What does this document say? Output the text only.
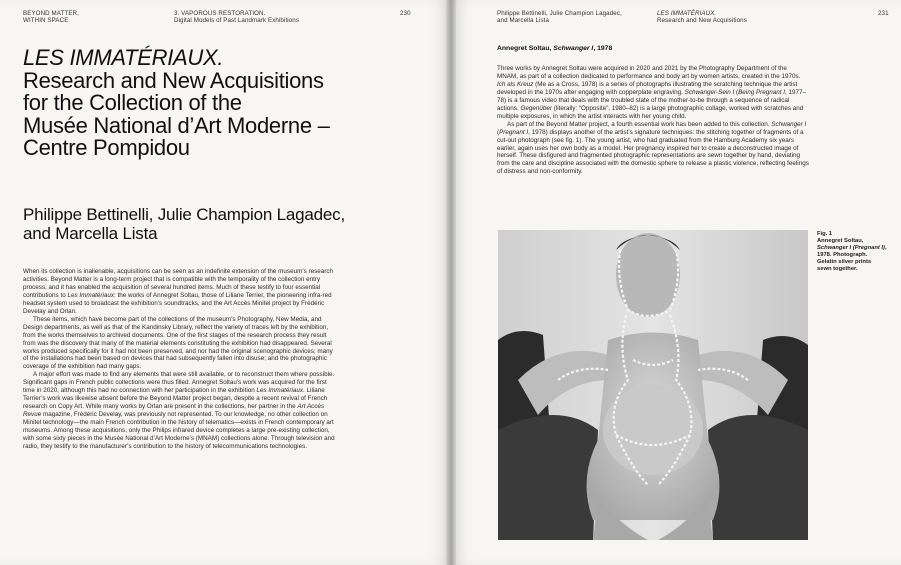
BEYOND MATTER,
WITHIN SPACE
3. VAPOROUS RESTORATION.
Digital Models of Past Landmark Exhibitions
230
LES IMMATÉRIAUX.
Research and New Acquisitions
for the Collection of the
Musée National d’Art Moderne –
Centre Pompidou
Philippe Bettinelli, Julie Champion Lagadec,
and Marcella Lista

When its collection is inalienable, acquisitions can be seen as an indefinite extension of the museum’s research activities. Beyond Matter is a long-term project that is compatible with the temporality of the collection entry process, and it has enabled the acquisition of several hundred items. Much of these testify to four essential contributions to Les Immatériaux: the works of Annegret Soltau, those of Liliane Terrier, the pioneering infra-red headset system used to broadcast the exhibition’s soundtracks, and the Art Accès Minitel project by Frédéric Develay and Orlan.

These items, which have become part of the collections of the museum’s Photography, New Media, and Design departments, as well as that of the Kandinsky Library, reflect the variety of traces left by the exhibition, from the works themselves to archived documents. One of the first stages of the research process they result from was the discovery that many of the material elements constituting the exhibition had disappeared. Several works produced specifically for it had not been preserved, and nor had the original scenographic devices; many of the installations had been based on devices that had subsequently fallen into disuse; and the photographic coverage of the exhibition had many gaps.

A major effort was made to find any elements that were still available, or to reconstruct them where possible. Significant gaps in French public collections were thus filled. Annegret Soltau’s work was acquired for the first time in 2020, although this had no connection with her participation in the exhibition Les Immatériaux. Liliane Terrier’s work was likewise absent before the Beyond Matter project began, despite a recent revival of French research on Copy Art. While many works by Orlan are present in the collections, her partner in the Art Accès Revue magazine, Frédéric Develay, was previously not represented. To our knowledge, no other collection on Minitel technology—the main French contribution in the history of telematics—exists in French contemporary art museums. Among these acquisitions, only the Philips infrared device completes a large pre-existing collection, with some sixty pieces in the Musée National d’Art Moderne’s (MNAM) collections alone. Through television and radio, they testify to the manufacturer’s contribution to the history of telecommunications technologies.

Philippe Bettinelli, Julie Champion Lagadec,
and Marcella Lista
LES IMMATÉRIAUX.
Research and New Acquisitions
231
Annegret Soltau, Schwanger I, 1978

Three works by Annegret Soltau were acquired in 2020 and 2021 by the Photography Department of the MNAM, as part of a collection dedicated to performance and body art by women artists, created in the 1970s. Ich als Kreuz (Me as a Cross, 1978) is a series of photographs illustrating the scratching technique the artist developed in the 1970s after engaging with copperplate engraving. Schwanger-Sein I (Being Pregnant I, 1977–78) is a famous video that deals with the troubled state of the mother-to-be through a sequence of radical actions. Gegenüber (literally: “Opposite”, 1980–82) is a large photographic collage, worked with scratches and multiple exposures, in which the artist interacts with her young child.

As part of the Beyond Matter project, a fourth essential work has been added to this collection. Schwanger I (Pregnant I, 1978) displays another of the artist’s signature techniques: the stitching together of fragments of a cut-out photograph (see fig. 1). The young artist, who had graduated from the Hamburg Academy six years earlier, again uses her own body as a model. Her pregnancy inspired her to create a deconstructed image of herself. These disfigured and fragmented photographic representations are sewn together by hand, deviating from the care and discipline associated with the domestic sphere to release a plastic violence, reflecting feelings of distress and non-conformity.

Fig. 1
Annegret Soltau, Schwanger I (Pregnant I), 1978. Photograph. Gelatin silver prints sewn together.
